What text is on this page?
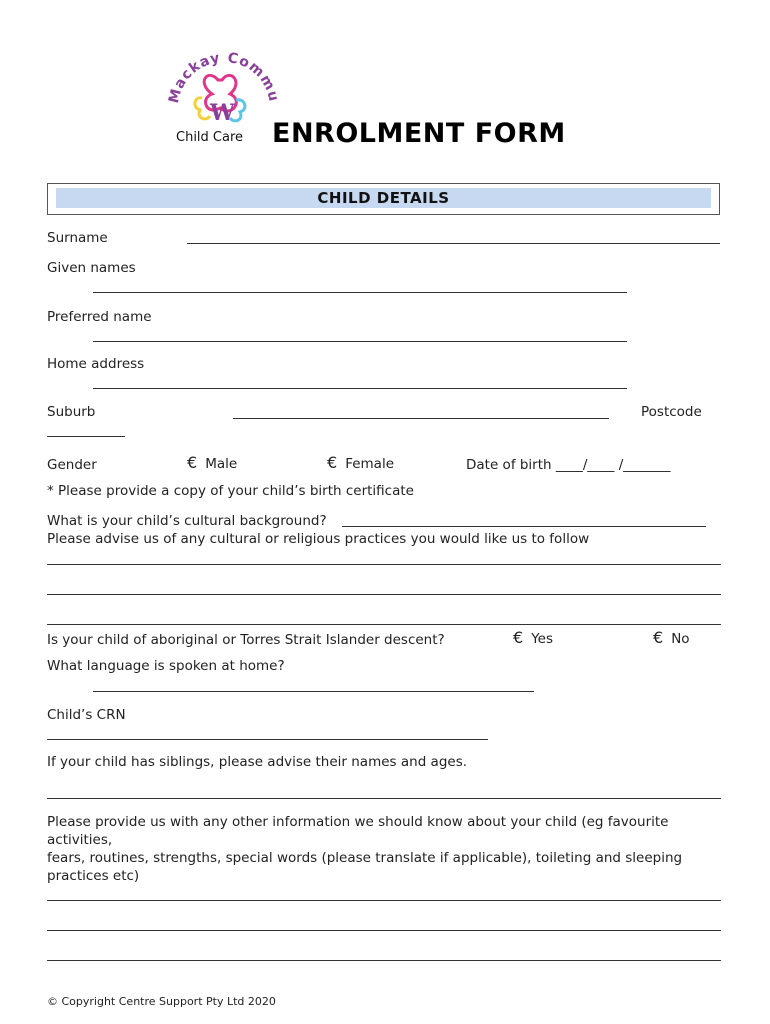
Mackay Commu
W
Child Care ENROLMENT FORM
CHILD DETAILS
Surname
Given names
Preferred name
Home address
Suburb	Postcode
Gender	€ Male	€ Female	Date of birth ____/____ /_______
* Please provide a copy of your child’s birth certificate
What is your child’s cultural background?
Please advise us of any cultural or religious practices you would like us to follow
Is your child of aboriginal or Torres Strait Islander descent?	€ Yes	€ No
What language is spoken at home?
Child’s CRN
If your child has siblings, please advise their names and ages.
Please provide us with any other information we should know about your child (eg favourite
activities,
fears, routines, strengths, special words (please translate if applicable), toileting and sleeping
practices etc)
© Copyright Centre Support Pty Ltd 2020
